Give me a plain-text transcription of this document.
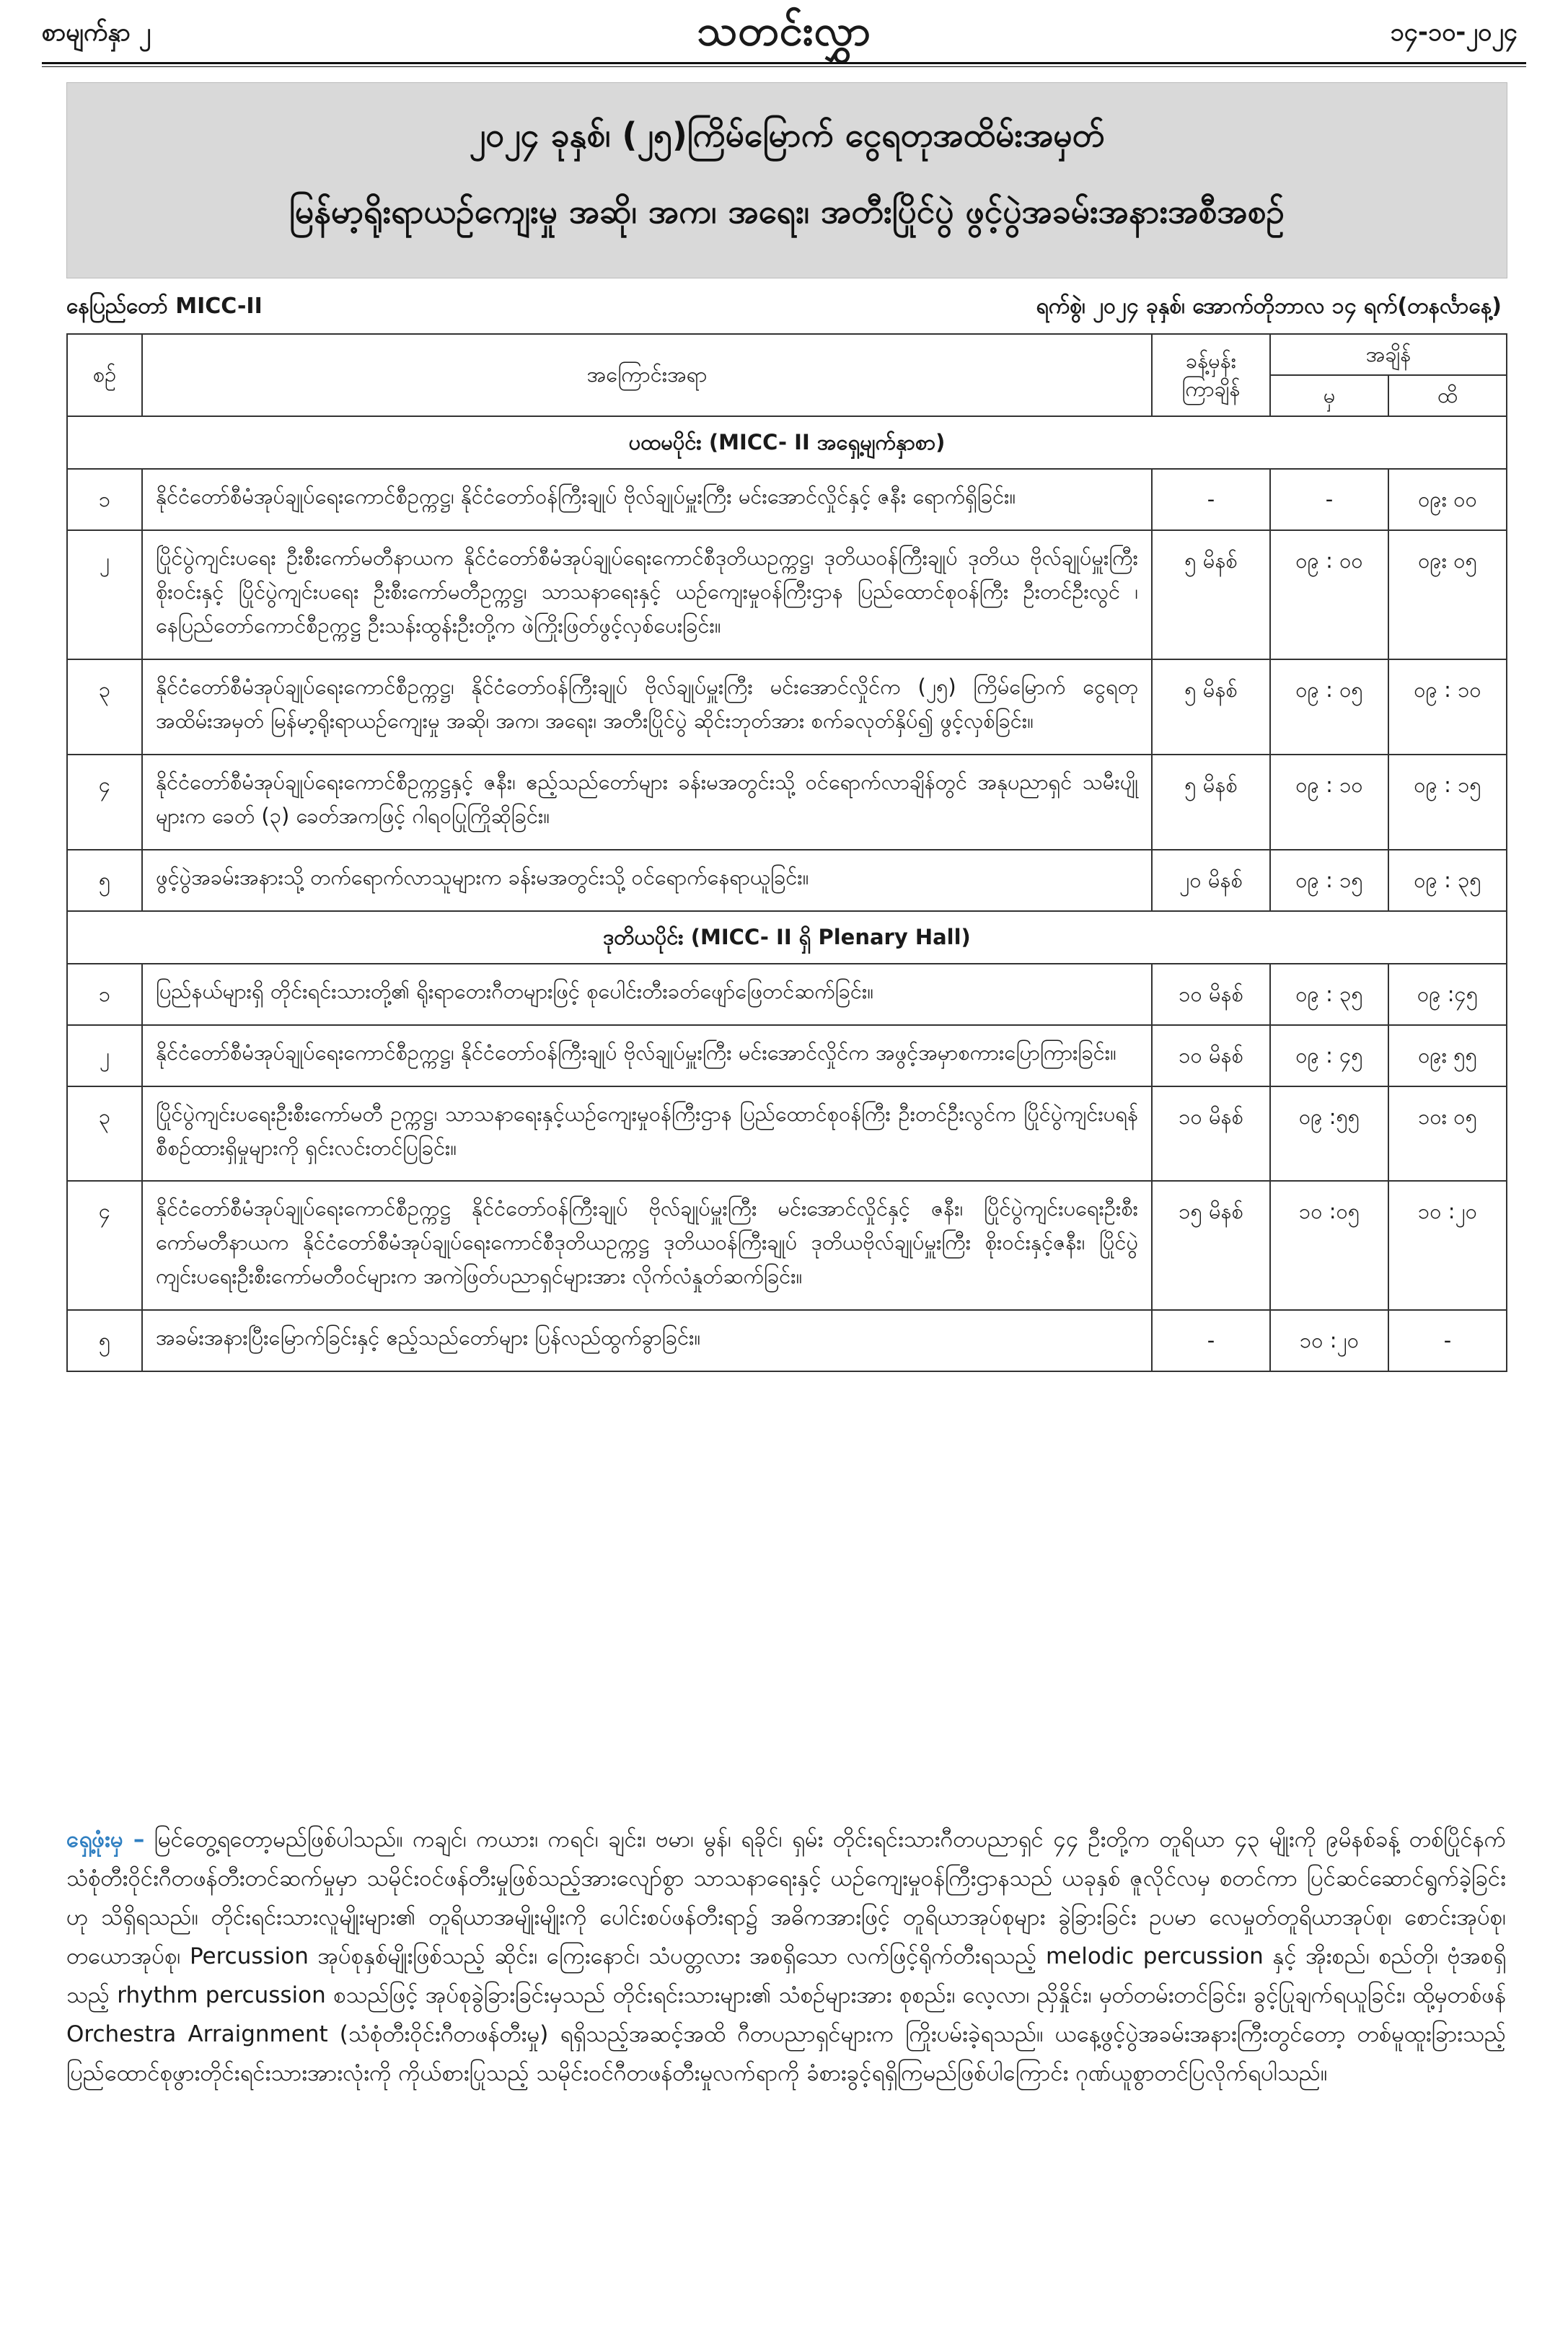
စာမျက်နှာ ၂	သတင်းလွှာ	၁၄-၁၀-၂၀၂၄
၂၀၂၄ ခုနှစ်၊ (၂၅)ကြိမ်မြောက် ငွေရတုအထိမ်းအမှတ်
မြန်မာ့ရိုးရာယဉ်ကျေးမှု အဆို၊ အက၊ အရေး၊ အတီးပြိုင်ပွဲ ဖွင့်ပွဲအခမ်းအနားအစီအစဉ်
နေပြည်တော် MICC-II	ရက်စွဲ၊ ၂၀၂၄ ခုနှစ်၊ အောက်တိုဘာလ ၁၄ ရက်(တနင်္လာနေ့)
စဉ်	အကြောင်းအရာ	ခန့်မှန်း
ကြာချိန်	အချိန်	
			မှ	ထိ
ပထမပိုင်း (MICC- II အရှေ့မျက်နှာစာ)				
၁	နိုင်ငံတော်စီမံအုပ်ချုပ်ရေးကောင်စီဥက္ကဋ္ဌ၊ နိုင်ငံတော်ဝန်ကြီးချုပ် ဗိုလ်ချုပ်မှူးကြီး မင်းအောင်လှိုင်နှင့် ဇနီး ရောက်ရှိခြင်း။	-	-	၀၉း ၀၀
၂	ပြိုင်ပွဲကျင်းပရေး ဦးစီးကော်မတီနာယက နိုင်ငံတော်စီမံအုပ်ချုပ်ရေးကောင်စီဒုတိယဥက္ကဋ္ဌ၊ ဒုတိယဝန်ကြီးချုပ် ဒုတိယ ဗိုလ်ချုပ်မှူးကြီး စိုးဝင်းနှင့် ပြိုင်ပွဲကျင်းပရေး ဦးစီးကော်မတီဥက္ကဋ္ဌ၊ သာသနာရေးနှင့် ယဉ်ကျေးမှုဝန်ကြီးဌာန ပြည်ထောင်စုဝန်ကြီး ဦးတင်ဦးလွင် ၊ နေပြည်တော်ကောင်စီဥက္ကဋ္ဌ ဦးသန်းထွန်းဦးတို့က ဖဲကြိုးဖြတ်ဖွင့်လှစ်ပေးခြင်း။	၅ မိနစ်	၀၉ : ၀၀	၀၉း ၀၅
၃	နိုင်ငံတော်စီမံအုပ်ချုပ်ရေးကောင်စီဥက္ကဋ္ဌ၊ နိုင်ငံတော်ဝန်ကြီးချုပ် ဗိုလ်ချုပ်မှူးကြီး မင်းအောင်လှိုင်က (၂၅) ကြိမ်မြောက် ငွေရတုအထိမ်းအမှတ် မြန်မာ့ရိုးရာယဉ်ကျေးမှု အဆို၊ အက၊ အရေး၊ အတီးပြိုင်ပွဲ ဆိုင်းဘုတ်အား စက်ခလုတ်နှိပ်၍ ဖွင့်လှစ်ခြင်း။	၅ မိနစ်	၀၉ : ၀၅	၀၉ : ၁၀
၄	နိုင်ငံတော်စီမံအုပ်ချုပ်ရေးကောင်စီဥက္ကဋ္ဌနှင့် ဇနီး၊ ဧည့်သည်တော်များ ခန်းမအတွင်းသို့ ဝင်ရောက်လာချိန်တွင် အနုပညာရှင် သမီးပျိုများက ခေတ် (၃) ခေတ်အကဖြင့် ဂါရဝပြုကြိုဆိုခြင်း။	၅ မိနစ်	၀၉ : ၁၀	၀၉ : ၁၅
၅	ဖွင့်ပွဲအခမ်းအနားသို့ တက်ရောက်လာသူများက ခန်းမအတွင်းသို့ ဝင်ရောက်နေရာယူခြင်း။	၂၀ မိနစ်	၀၉ : ၁၅	၀၉ : ၃၅
ဒုတိယပိုင်း (MICC- II ရှိ Plenary Hall)				
၁	ပြည်နယ်များရှိ တိုင်းရင်းသားတို့၏ ရိုးရာတေးဂီတများဖြင့် စုပေါင်းတီးခတ်ဖျော်ဖြေတင်ဆက်ခြင်း။	၁၀ မိနစ်	၀၉ : ၃၅	၀၉ :၄၅
၂	နိုင်ငံတော်စီမံအုပ်ချုပ်ရေးကောင်စီဥက္ကဋ္ဌ၊ နိုင်ငံတော်ဝန်ကြီးချုပ် ဗိုလ်ချုပ်မှူးကြီး မင်းအောင်လှိုင်က အဖွင့်အမှာစကားပြောကြားခြင်း။	၁၀ မိနစ်	၀၉ : ၄၅	၀၉း ၅၅
၃	ပြိုင်ပွဲကျင်းပရေးဦးစီးကော်မတီ ဥက္ကဋ္ဌ၊ သာသနာရေးနှင့်ယဉ်ကျေးမှုဝန်ကြီးဌာန ပြည်ထောင်စုဝန်ကြီး ဦးတင်ဦးလွင်က ပြိုင်ပွဲကျင်းပရန် စီစဉ်ထားရှိမှုများကို ရှင်းလင်းတင်ပြခြင်း။	၁၀ မိနစ်	၀၉ :၅၅	၁၀း ၀၅
၄	နိုင်ငံတော်စီမံအုပ်ချုပ်ရေးကောင်စီဥက္ကဋ္ဌ နိုင်ငံတော်ဝန်ကြီးချုပ် ဗိုလ်ချုပ်မှူးကြီး မင်းအောင်လှိုင်နှင့် ဇနီး၊ ပြိုင်ပွဲကျင်းပရေးဦးစီးကော်မတီနာယက နိုင်ငံတော်စီမံအုပ်ချုပ်ရေးကောင်စီဒုတိယဥက္ကဋ္ဌ ဒုတိယဝန်ကြီးချုပ် ဒုတိယဗိုလ်ချုပ်မှူးကြီး စိုးဝင်းနှင့်ဇနီး၊ ပြိုင်ပွဲကျင်းပရေးဦးစီးကော်မတီဝင်များက အကဲဖြတ်ပညာရှင်များအား လိုက်လံနှုတ်ဆက်ခြင်း။	၁၅ မိနစ်	၁၀ :၀၅	၁၀ :၂၀
၅	အခမ်းအနားပြီးမြောက်ခြင်းနှင့် ဧည့်သည်တော်များ ပြန်လည်ထွက်ခွာခြင်း။	-	၁၀ :၂၀	-
ရှေ့ဖုံးမှ – မြင်တွေ့ရတော့မည်ဖြစ်ပါသည်။ ကချင်၊ ကယား၊ ကရင်၊ ချင်း၊ ဗမာ၊ မွန်၊ ရခိုင်၊ ရှမ်း တိုင်းရင်းသားဂီတပညာရှင် ၄၄ ဦးတို့က တူရိယာ ၄၃ မျိုးကို ၉မိနစ်ခန့် တစ်ပြိုင်နက် သံစုံတီးဝိုင်းဂီတဖန်တီးတင်ဆက်မှုမှာ သမိုင်းဝင်ဖန်တီးမှုဖြစ်သည့်အားလျော်စွာ သာသနာရေးနှင့် ယဉ်ကျေးမှုဝန်ကြီးဌာနသည် ယခုနှစ် ဇူလိုင်လမှ စတင်ကာ ပြင်ဆင်ဆောင်ရွက်ခဲ့ခြင်းဟု သိရှိရသည်။ တိုင်းရင်းသားလူမျိုးများ၏ တူရိယာအမျိုးမျိုးကို ပေါင်းစပ်ဖန်တီးရာ၌ အဓိကအားဖြင့် တူရိယာအုပ်စုများ ခွဲခြားခြင်း ဥပမာ လေမှုတ်တူရိယာအုပ်စု၊ စောင်းအုပ်စု၊ တယောအုပ်စု၊ Percussion အုပ်စုနှစ်မျိုးဖြစ်သည့် ဆိုင်း၊ ကြေးနောင်၊ သံပတ္တလား အစရှိသော လက်ဖြင့်ရိုက်တီးရသည့် melodic percussion နှင့် အိုးစည်၊ စည်တို၊ ဗုံအစရှိသည့် rhythm percussion စသည်ဖြင့် အုပ်စုခွဲခြားခြင်းမှသည် တိုင်းရင်းသားများ၏ သံစဉ်များအား စုစည်း၊ လေ့လာ၊ ညှိနှိုင်း၊ မှတ်တမ်းတင်ခြင်း၊ ခွင့်ပြုချက်ရယူခြင်း၊ ထို့မှတစ်ဖန် Orchestra Arraignment (သံစုံတီးဝိုင်းဂီတဖန်တီးမှု) ရရှိသည့်အဆင့်အထိ ဂီတပညာရှင်များက ကြိုးပမ်းခဲ့ရသည်။ ယနေ့ဖွင့်ပွဲအခမ်းအနားကြီးတွင်တော့ တစ်မူထူးခြားသည့် ပြည်ထောင်စုဖွားတိုင်းရင်းသားအားလုံးကို ကိုယ်စားပြုသည့် သမိုင်းဝင်ဂီတဖန်တီးမှုလက်ရာကို ခံစားခွင့်ရရှိကြမည်ဖြစ်ပါကြောင်း ဂုဏ်ယူစွာတင်ပြလိုက်ရပါသည်။
